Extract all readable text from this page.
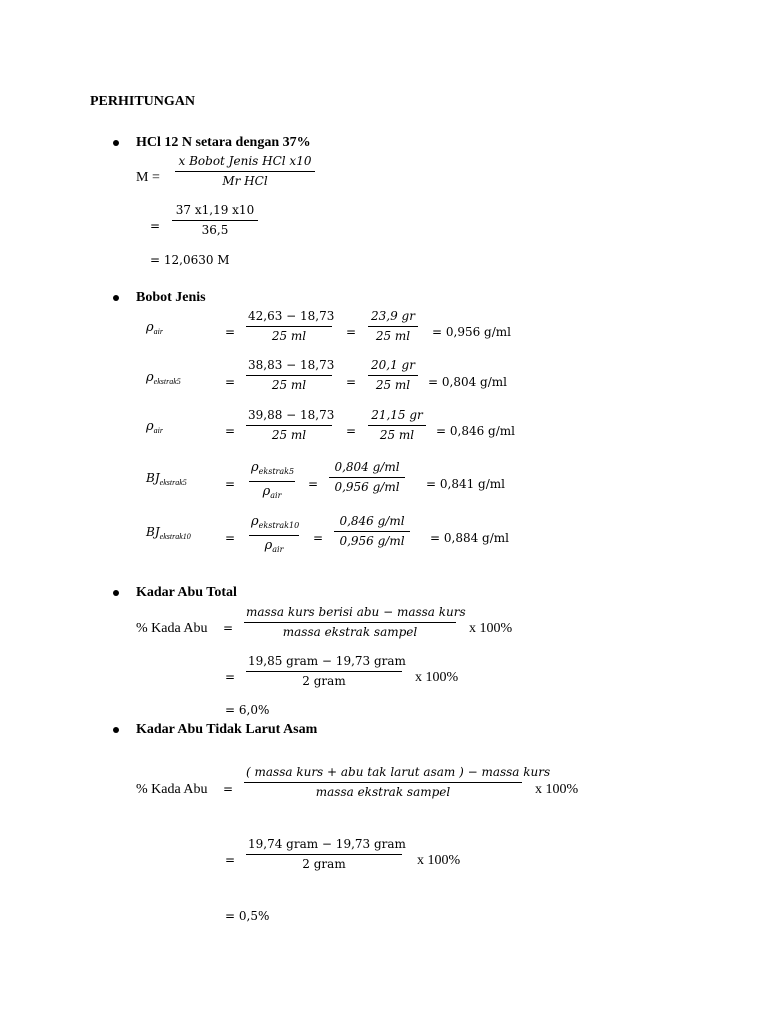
PERHITUNGAN
HCl 12 N setara dengan 37%
M =
x Bobot Jenis HCl x10
Mr HCl
= $\frac{37 x1,19 x10}{36,5}$
= 12,0630 M
Bobot Jenis
$\rho_{air}$	= $\frac{42,63 - 18,73}{25 ml} = \frac{23,9 gr}{25 ml} = 0,956$ g/ml
$\rho_{ekstrak5}$	= $\frac{38,83 - 18,73}{25 ml} = \frac{20,1 gr}{25 ml} = 0,804$ g/ml
$\rho_{air}$	= $\frac{39,88 - 18,73}{25 ml} = \frac{21,15 gr}{25 ml} = 0,846$ g/ml
$BJ_{ekstrak5}$	=
$\rho_{ekstrak5}$
$\rho_{air}$
= $\frac{0,804 g/ml}{0,956 g/ml} = 0,841$ g/ml
$BJ_{ekstrak10}$	=
$\rho_{ekstrak10}$
$\rho_{air}$
= $\frac{0,846 g/ml}{0,956 g/ml} = 0,884$ g/ml
Kadar Abu Total
% Kada Abu =
massa kurs berisi abu − massa kurs
massa ekstrak sampel	x 100%
=
19,85 gram − 19,73 gram
2 gram	x 100%
= 6,0%
Kadar Abu Tidak Larut Asam
% Kada Abu =
( massa kurs + abu tak larut asam ) − massa kurs
massa ekstrak sampel	x 100%
=
19,74 gram − 19,73 gram
2 gram	x 100%
= 0,5%
